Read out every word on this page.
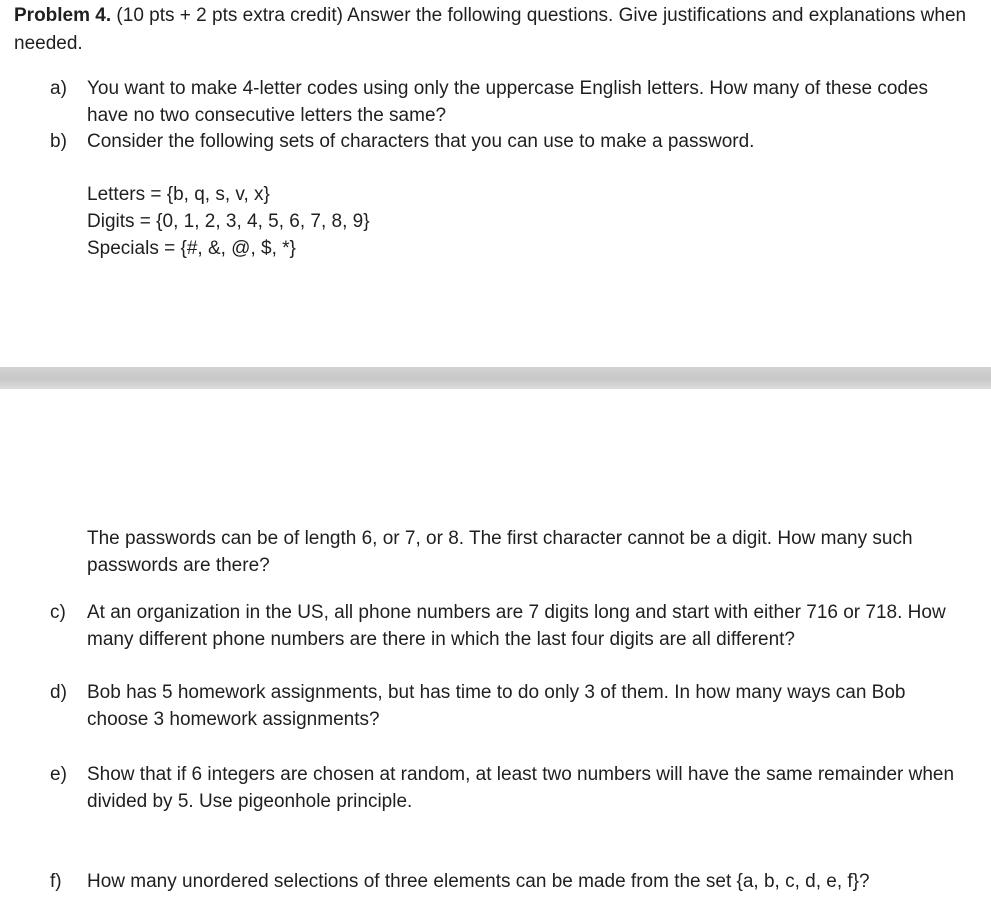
Problem 4. (10 pts + 2 pts extra credit) Answer the following questions. Give justifications and explanations when needed.
a)	You want to make 4-letter codes using only the uppercase English letters. How many of these codes have no two consecutive letters the same?
b)	Consider the following sets of characters that you can use to make a password.
Letters = {b, q, s, v, x}
Digits = {0, 1, 2, 3, 4, 5, 6, 7, 8, 9}
Specials = {#, &, @, $, *}
The passwords can be of length 6, or 7, or 8. The first character cannot be a digit. How many such passwords are there?
c)	At an organization in the US, all phone numbers are 7 digits long and start with either 716 or 718. How many different phone numbers are there in which the last four digits are all different?
d)	Bob has 5 homework assignments, but has time to do only 3 of them. In how many ways can Bob choose 3 homework assignments?
e)	Show that if 6 integers are chosen at random, at least two numbers will have the same remainder when divided by 5. Use pigeonhole principle.
f)	How many unordered selections of three elements can be made from the set {a, b, c, d, e, f}?
